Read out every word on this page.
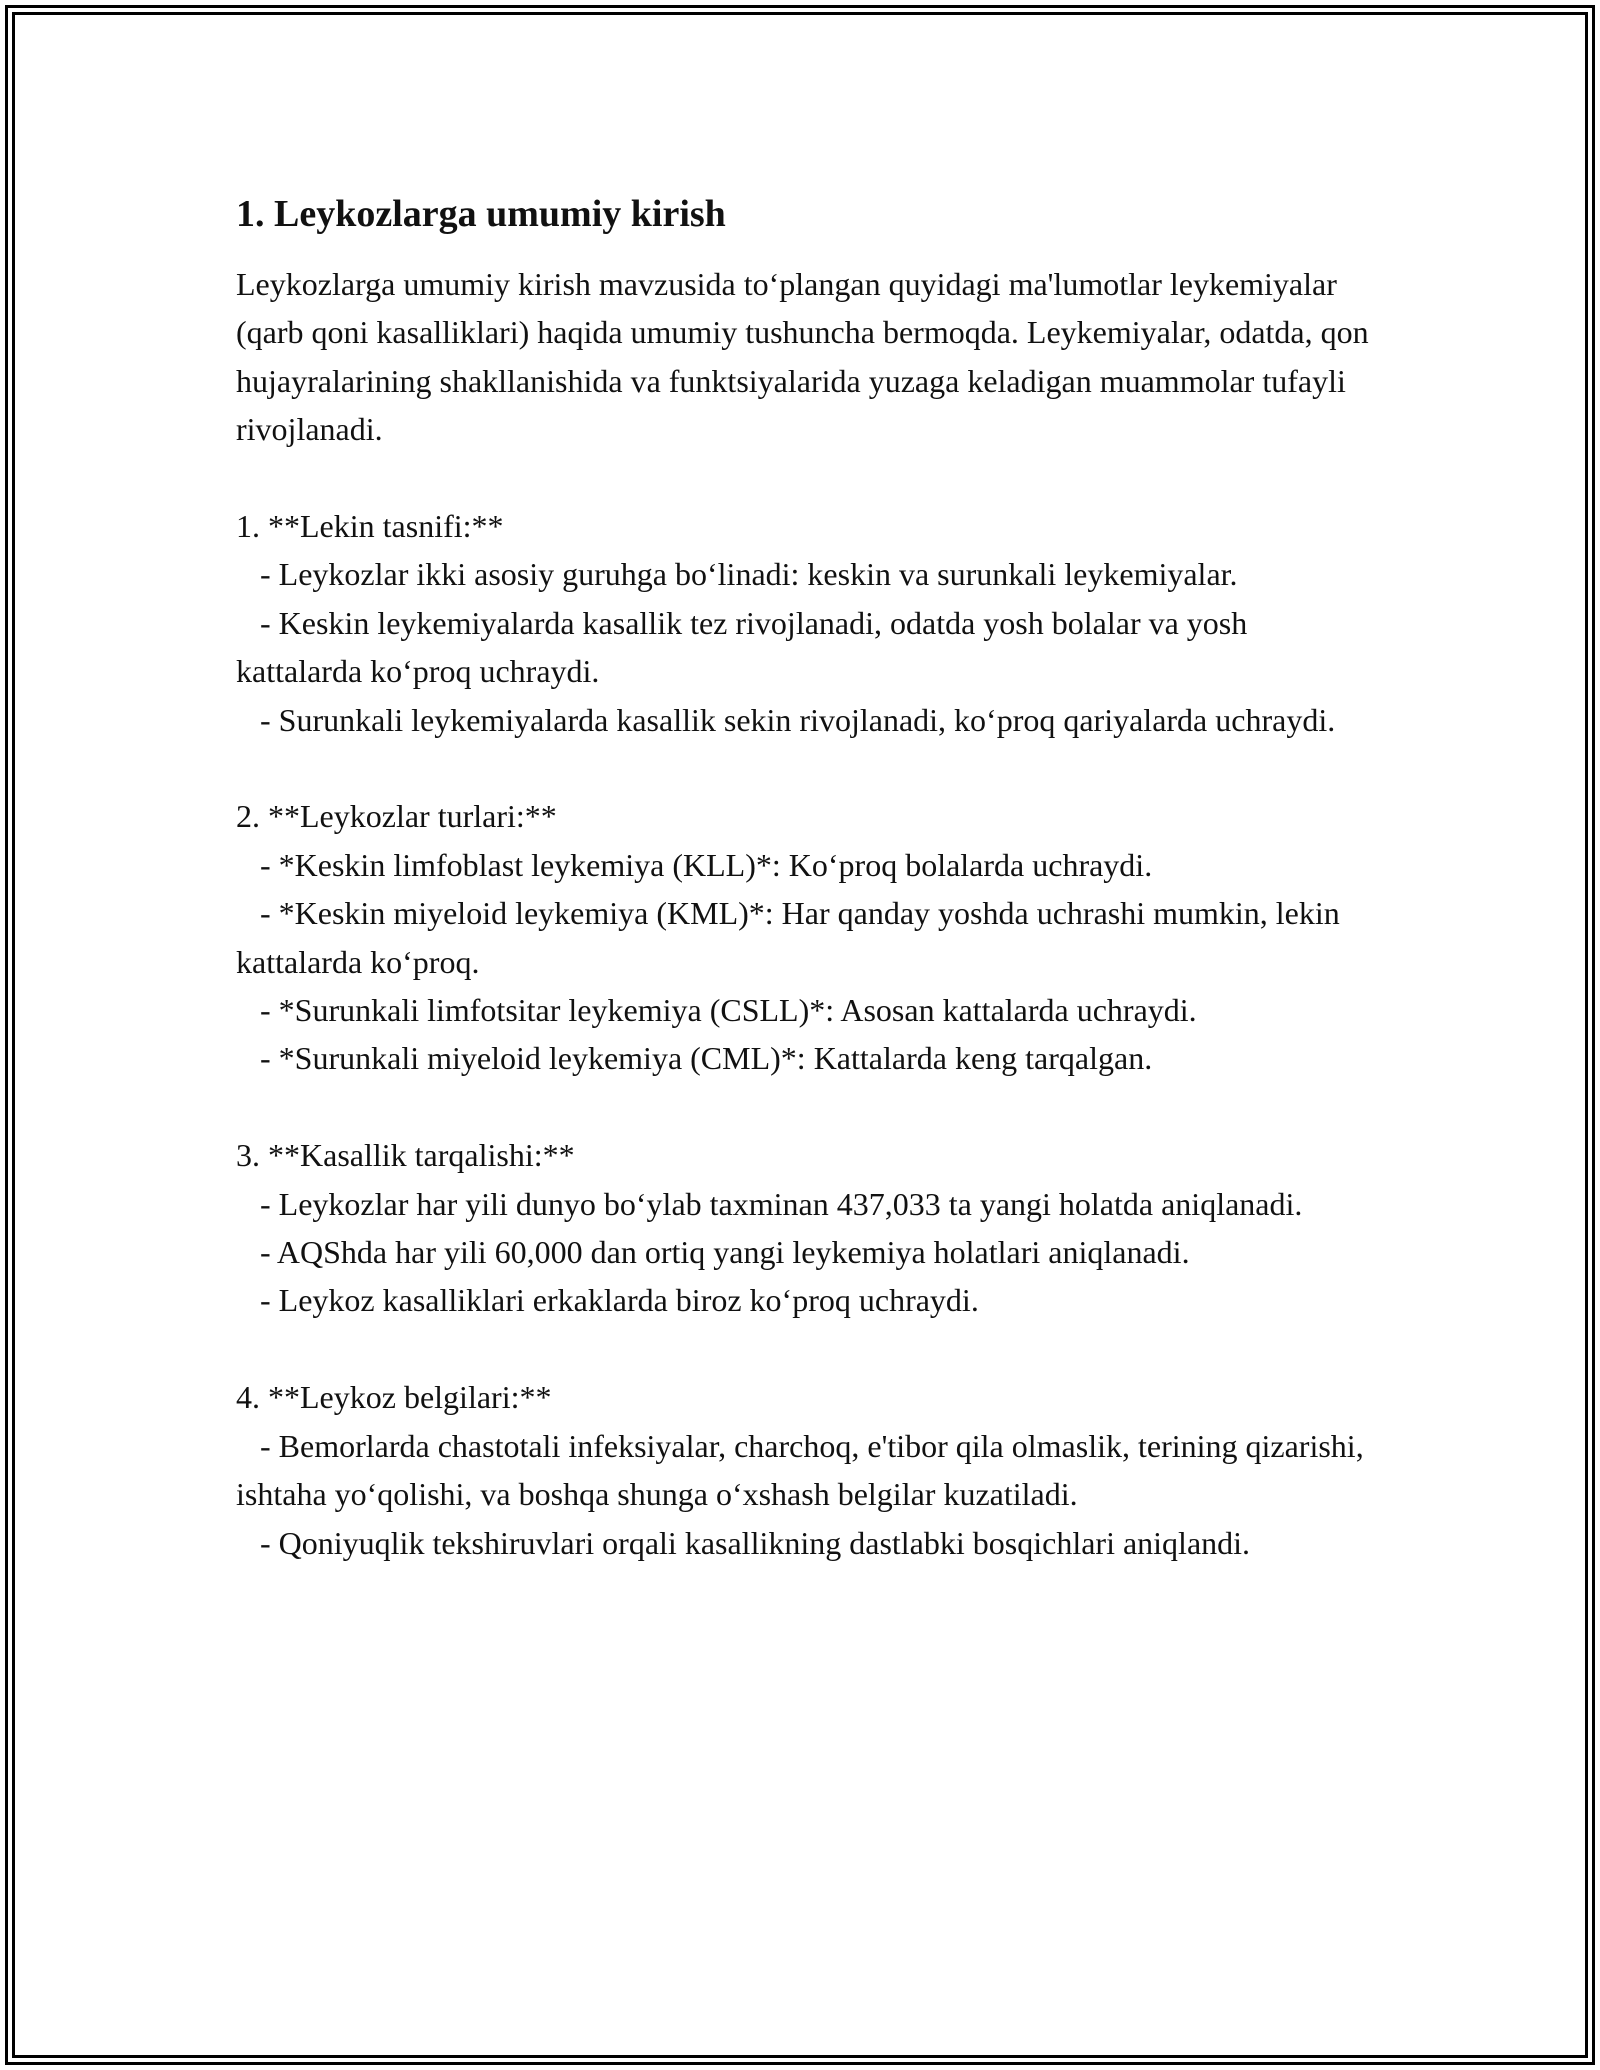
1. Leykozlarga umumiy kirish

Leykozlarga umumiy kirish mavzusida to‘plangan quyidagi ma'lumotlar leykemiyalar (qarb qoni kasalliklari) haqida umumiy tushuncha bermoqda. Leykemiyalar, odatda, qon hujayralarining shakllanishida va funktsiyalarida yuzaga keladigan muammolar tufayli rivojlanadi.

1. **Lekin tasnifi:**
- Leykozlar ikki asosiy guruhga bo‘linadi: keskin va surunkali leykemiyalar.
- Keskin leykemiyalarda kasallik tez rivojlanadi, odatda yosh bolalar va yosh kattalarda ko‘proq uchraydi.
- Surunkali leykemiyalarda kasallik sekin rivojlanadi, ko‘proq qariyalarda uchraydi.
2. **Leykozlar turlari:**
- *Keskin limfoblast leykemiya (KLL)*: Ko‘proq bolalarda uchraydi.
- *Keskin miyeloid leykemiya (KML)*: Har qanday yoshda uchrashi mumkin, lekin kattalarda ko‘proq.
- *Surunkali limfotsitar leykemiya (CSLL)*: Asosan kattalarda uchraydi.
- *Surunkali miyeloid leykemiya (CML)*: Kattalarda keng tarqalgan.
3. **Kasallik tarqalishi:**
- Leykozlar har yili dunyo bo‘ylab taxminan 437,033 ta yangi holatda aniqlanadi.
- AQShda har yili 60,000 dan ortiq yangi leykemiya holatlari aniqlanadi.
- Leykoz kasalliklari erkaklarda biroz ko‘proq uchraydi.
4. **Leykoz belgilari:**
- Bemorlarda chastotali infeksiyalar, charchoq, e'tibor qila olmaslik, terining qizarishi, ishtaha yo‘qolishi, va boshqa shunga o‘xshash belgilar kuzatiladi.
- Qoniyuqlik tekshiruvlari orqali kasallikning dastlabki bosqichlari aniqlandi.
